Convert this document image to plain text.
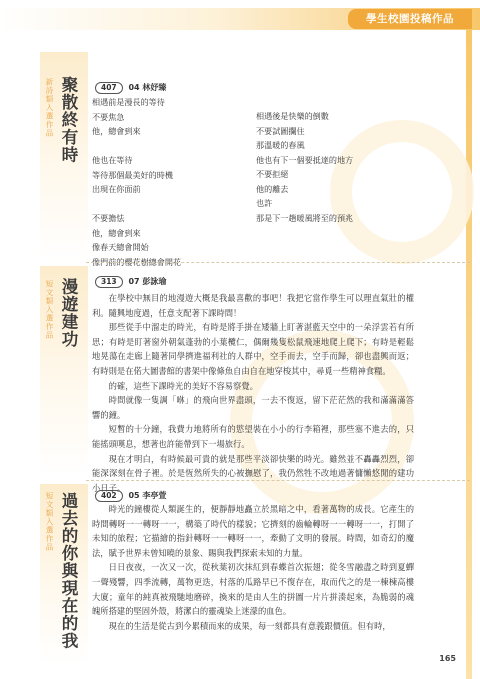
學生校園投稿作品
新詩類入選作品 聚散終有時	407 04 林妤臻
相遇前是漫長的等待
不要焦急
他，總會到來

他也在等待
等待那個最美好的時機
出現在你面前

不要擔怯
他，總會到來
像春天總會開始
像門前的櫻花樹總會開花
相遇後是快樂的倒數
不要試圖攔住
那溫暖的春風
他也有下一個要抵達的地方
不要拒絕
他的離去
也許
那是下一趟暖風將至的預兆
短文類入選作品 漫遊建功	313 07 彭詠瑜

在學校中無目的地漫遊大概是我最喜歡的事吧！我把它當作學生可以理直氣壯的權利。隨興地度過，任意支配著下課時間！

那些從手中溜走的時光，有時是將手掛在矮牆上盯著湛藍天空中的一朵浮雲若有所思；有時是盯著窗外朝氣蓬勃的小葉欖仁，偶爾幾隻松鼠飛速地爬上爬下；有時是輕鬆地晃蕩在走廊上隨著同學擠進福利社的人群中，空手而去，空手而歸，卻也盡興而返；有時則是在偌大圖書館的書架中像條魚自由自在地穿梭其中，尋覓一些精神食糧。

的確，這些下課時光的美好不容易察覺。

時間就像一隻調「咻」的飛向世界盡頭，一去不復返，留下茫茫然的我和滿滿滿答響的鐘。

短暫的十分鐘，我費力地將所有的慾望裝在小小的行李箱裡，那些塞不進去的，只能搖頭嘆息，想著也許能帶到下一場旅行。

現在才明白，有時候最可貴的就是那些平淡卻快樂的時光。雖然並不轟轟烈烈，卻能深深刻在骨子裡。於是恆然所失的心被撫慰了，我仍然牲不改地過著慵懶悠閒的建功小日子。

短文類入選作品 過去的你與現在的我	402 05 李亭萱

時光的鐘樓從人類誕生的，便靜靜地矗立於黑暗之中，看著萬物的成長。它產生的時間轉呀一一轉呀一一，構築了時代的樣貌；它擠刻的齒輪轉呀一一轉呀一一，打開了未知的旅程；它描繪的指針轉呀一一轉呀一一，牽動了文明的發展。時間，如奇幻的魔法，賦予世界未曾知曉的景象、賜與我們探索未知的力量。

日日夜夜，一次又一次，從秋葉初次抹紅到春蝶首次振翅；從冬雪融盡之時到夏蟬一聲殘響，四季流轉，萬物更迭，村落的瓜路早已不復存在，取而代之的是一棟棟高樓大廈；童年的純真被飛馳地磨碎，換來的是由人生的拼圖一片片拼湊起來，為脆弱的魂魄所搭建的堅固外殼，將潔白的靈魂染上迷濛的血色。

現在的生活是從古到今累積而來的成果，每一刻都具有意義跟價值。但有時，

165
